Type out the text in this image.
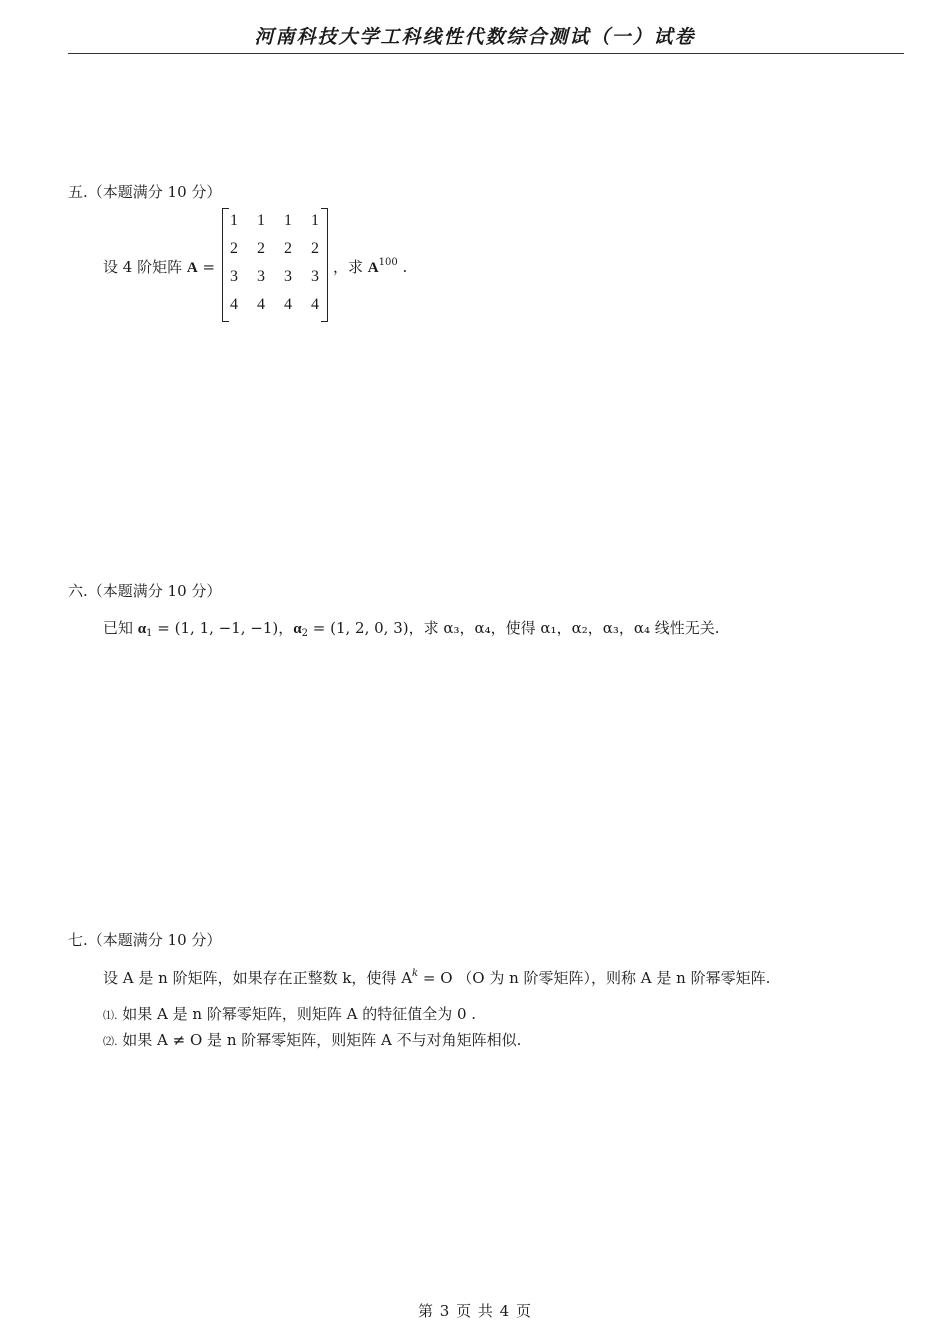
河南科技大学工科线性代数综合测试（一）试卷
五.（本题满分 10 分）
设 4 阶矩阵 A =
1	1	1	1
2	2	2	2
3	3	3	3
4	4	4	4
，求 $A^{100}$ .
六.（本题满分 10 分）
已知 $\alpha_1 = (1$, 1, −1, −1)，$\alpha_2 = (1$, 2, 0, 3)，求 α₃，α₄，使得 α₁，α₂，α₃，α₄ 线性无关.
七.（本题满分 10 分）
设 A 是 n 阶矩阵，如果存在正整数 k，使得 $A^k = O$ （O 为 n 阶零矩阵），则称 A 是 n 阶幂零矩阵.
⑴. 如果 A 是 n 阶幂零矩阵，则矩阵 A 的特征值全为 0 .
⑵. 如果 A ≠ O 是 n 阶幂零矩阵，则矩阵 A 不与对角矩阵相似.
第 3 页 共 4 页
